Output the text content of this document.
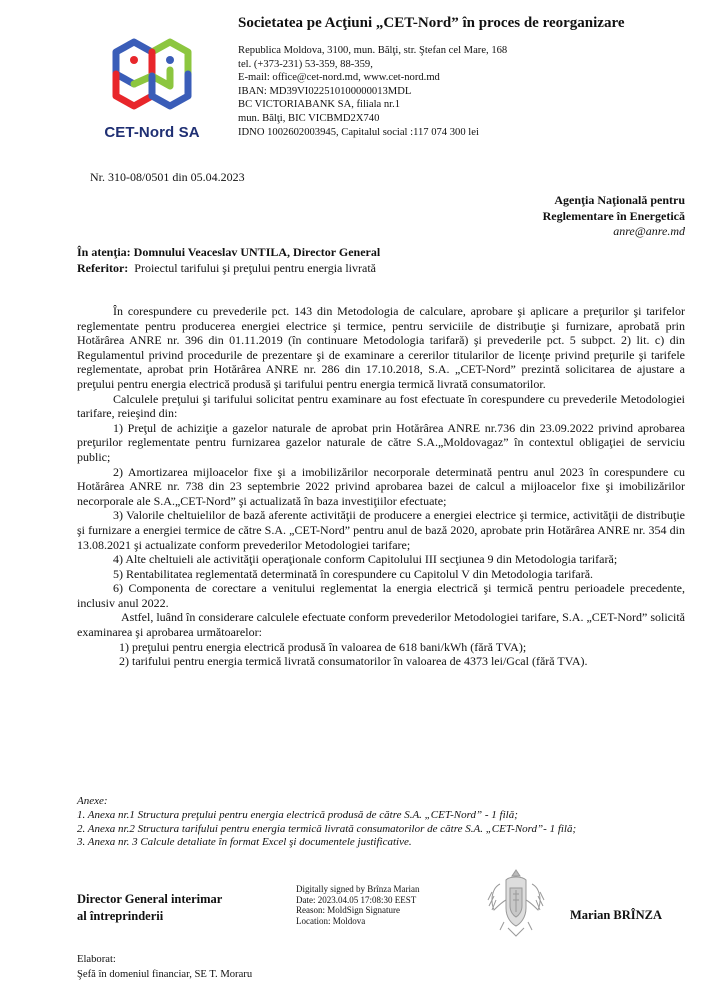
CET-Nord SA
Societatea pe Acţiuni „CET-Nord” în proces de reorganizare
Republica Moldova, 3100, mun. Bălţi, str. Ştefan cel Mare, 168
tel. (+373-231) 53-359, 88-359,
E-mail: office@cet-nord.md, www.cet-nord.md
IBAN: MD39VI022510100000013MDL
BC VICTORIABANK SA, filiala nr.1
mun. Bălţi, BIC VICBMD2X740
IDNO 1002602003945, Capitalul social :117 074 300 lei
Nr. 310-08/0501 din 05.04.2023
Agenţia Naţională pentru
Reglementare în Energetică
anre@anre.md
În atenţia: Domnului Veaceslav UNTILA, Director General
Referitor: Proiectul tarifului şi preţului pentru energia livrată

În corespundere cu prevederile pct. 143 din Metodologia de calculare, aprobare şi aplicare a preţurilor şi tarifelor reglementate pentru producerea energiei electrice şi termice, pentru serviciile de distribuţie şi furnizare, aprobată prin Hotărârea ANRE nr. 396 din 01.11.2019 (în continuare Metodologia tarifară) şi prevederile pct. 5 subpct. 2) lit. c) din Regulamentul privind procedurile de prezentare şi de examinare a cererilor titularilor de licenţe privind preţurile şi tarifele reglementate, aprobat prin Hotărârea ANRE nr. 286 din 17.10.2018, S.A. „CET-Nord” prezintă solicitarea de ajustare a preţului pentru energia electrică produsă şi tarifului pentru energia termică livrată consumatorilor.

Calculele preţului şi tarifului solicitat pentru examinare au fost efectuate în corespundere cu prevederile Metodologiei tarifare, reieşind din:

1) Preţul de achiziţie a gazelor naturale de aprobat prin Hotărârea ANRE nr.736 din 23.09.2022 privind aprobarea preţurilor reglementate pentru furnizarea gazelor naturale de către S.A.„Moldovagaz” în contextul obligaţiei de serviciu public;

2) Amortizarea mijloacelor fixe şi a imobilizărilor necorporale determinată pentru anul 2023 în corespundere cu Hotărârea ANRE nr. 738 din 23 septembrie 2022 privind aprobarea bazei de calcul a mijloacelor fixe şi imobilizărilor necorporale ale S.A.„CET-Nord” şi actualizată în baza investiţiilor efectuate;

3) Valorile cheltuielilor de bază aferente activităţii de producere a energiei electrice şi termice, activităţii de distribuţie şi furnizare a energiei termice de către S.A. „CET-Nord” pentru anul de bază 2020, aprobate prin Hotărârea ANRE nr. 354 din 13.08.2021 şi actualizate conform prevederilor Metodologiei tarifare;

4) Alte cheltuieli ale activităţii operaţionale conform Capitolului III secţiunea 9 din Metodologia tarifară;

5) Rentabilitatea reglementată determinată în corespundere cu Capitolul V din Metodologia tarifară.

6) Componenta de corectare a venitului reglementat la energia electrică şi termică pentru perioadele precedente, inclusiv anul 2022.

Astfel, luând în considerare calculele efectuate conform prevederilor Metodologiei tarifare, S.A. „CET-Nord” solicită examinarea şi aprobarea următoarelor:

1) preţului pentru energia electrică produsă în valoarea de 618 bani/kWh (fără TVA);

2) tarifului pentru energia termică livrată consumatorilor în valoarea de 4373 lei/Gcal (fără TVA).

Anexe:
1. Anexa nr.1 Structura preţului pentru energia electrică produsă de către S.A. „CET-Nord” - 1 filă;
2. Anexa nr.2 Structura tarifului pentru energia termică livrată consumatorilor de către S.A. „CET-Nord”- 1 filă;
3. Anexa nr. 3 Calcule detaliate în format Excel şi documentele justificative.
Director General interimar
al întreprinderii
Digitally signed by Brînza Marian
Date: 2023.04.05 17:08:30 EEST
Reason: MoldSign Signature
Location: Moldova	Marian BRÎNZA
Elaborat:
Şefă în domeniul financiar, SE T. Moraru
